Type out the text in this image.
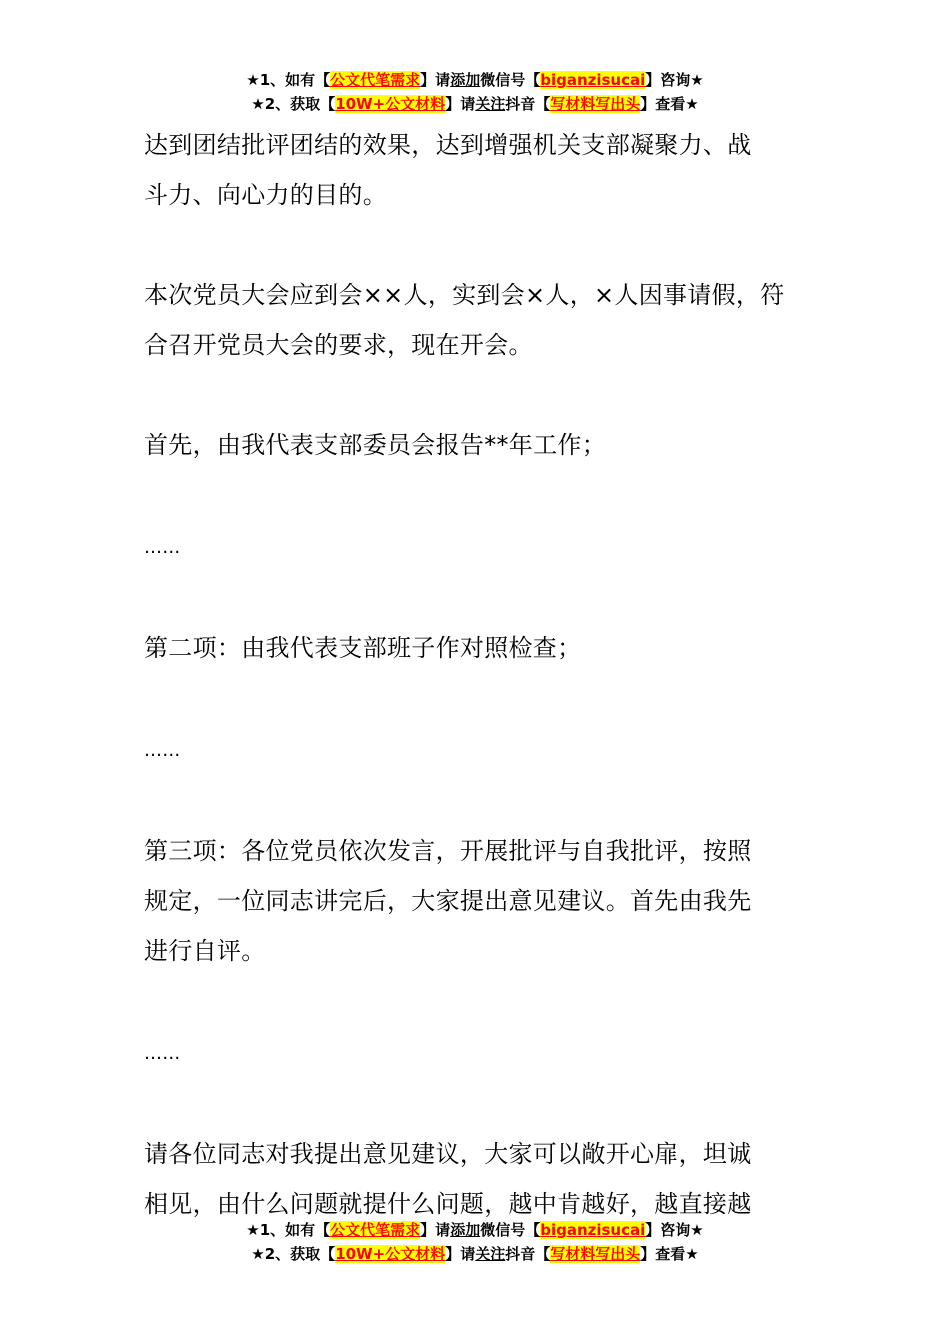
★1、如有【公文代笔需求】请添加微信号【biganzisucai】咨询★
★2、获取【10W+公文材料】请关注抖音【写材料写出头】查看★

达到团结批评团结的效果，达到增强机关支部凝聚力、战
斗力、向心力的目的。

本次党员大会应到会××人，实到会×人，×人因事请假，符
合召开党员大会的要求，现在开会。

首先，由我代表支部委员会报告**年工作；

……

第二项：由我代表支部班子作对照检查；

……

第三项：各位党员依次发言，开展批评与自我批评，按照
规定，一位同志讲完后，大家提出意见建议。首先由我先
进行自评。

……

请各位同志对我提出意见建议，大家可以敞开心扉，坦诚
相见，由什么问题就提什么问题，越中肯越好，越直接越

★1、如有【公文代笔需求】请添加微信号【biganzisucai】咨询★
★2、获取【10W+公文材料】请关注抖音【写材料写出头】查看★
